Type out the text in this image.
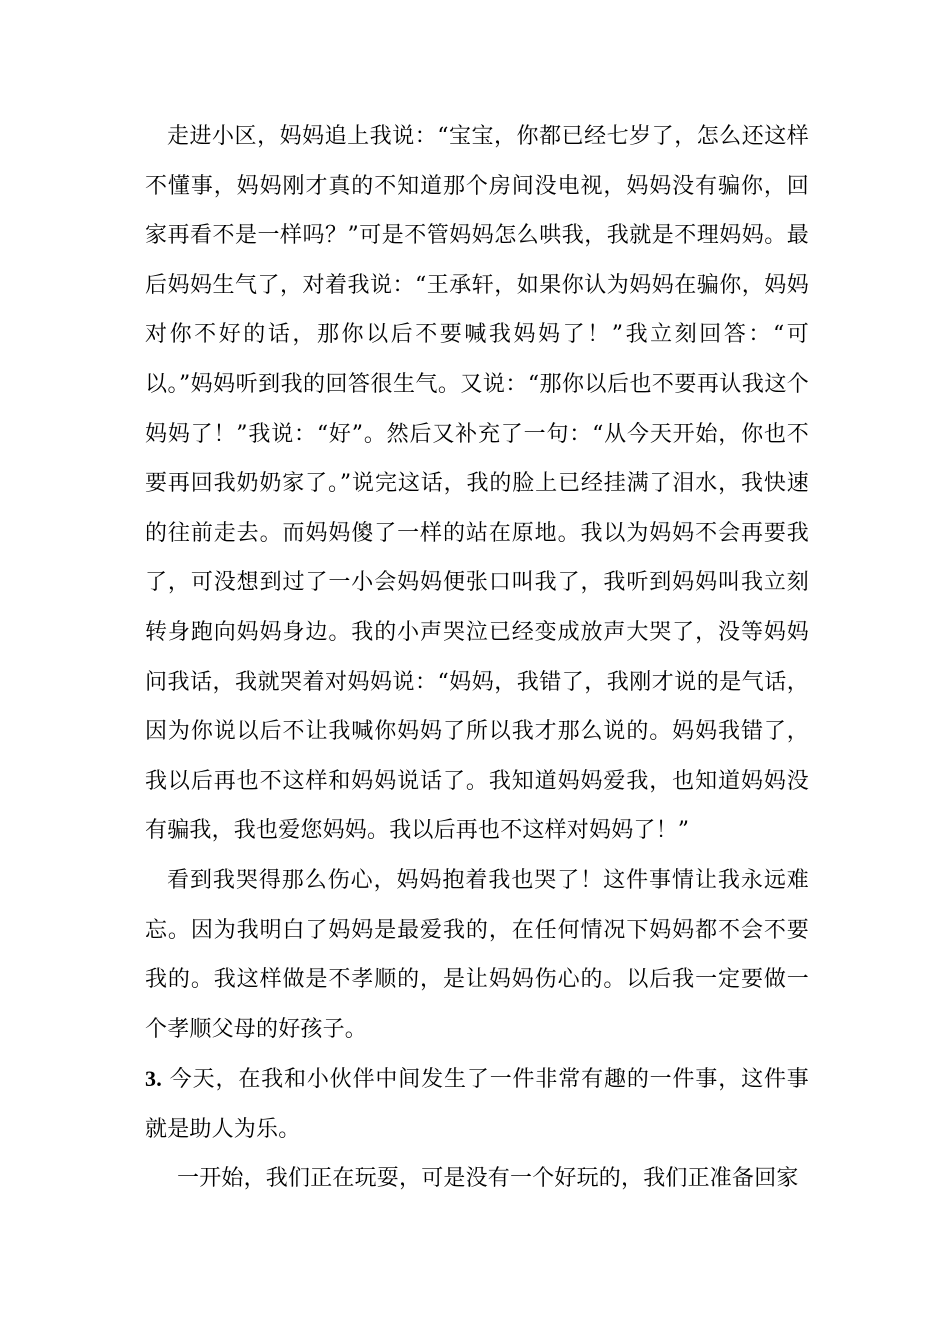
走进小区，妈妈追上我说：“宝宝，你都已经七岁了，怎么还这样不懂事，妈妈刚才真的不知道那个房间没电视，妈妈没有骗你，回家再看不是一样吗？”可是不管妈妈怎么哄我，我就是不理妈妈。最后妈妈生气了，对着我说：“王承轩，如果你认为妈妈在骗你，妈妈对你不好的话，那你以后不要喊我妈妈了！”我立刻回答：“可以。”妈妈听到我的回答很生气。又说：“那你以后也不要再认我这个妈妈了！”我说：“好”。然后又补充了一句：“从今天开始，你也不要再回我奶奶家了。”说完这话，我的脸上已经挂满了泪水，我快速的往前走去。而妈妈傻了一样的站在原地。我以为妈妈不会再要我了，可没想到过了一小会妈妈便张口叫我了，我听到妈妈叫我立刻转身跑向妈妈身边。我的小声哭泣已经变成放声大哭了，没等妈妈问我话，我就哭着对妈妈说：“妈妈，我错了，我刚才说的是气话，因为你说以后不让我喊你妈妈了所以我才那么说的。妈妈我错了，我以后再也不这样和妈妈说话了。我知道妈妈爱我，也知道妈妈没有骗我，我也爱您妈妈。我以后再也不这样对妈妈了！”

看到我哭得那么伤心，妈妈抱着我也哭了！这件事情让我永远难忘。因为我明白了妈妈是最爱我的，在任何情况下妈妈都不会不要我的。我这样做是不孝顺的，是让妈妈伤心的。以后我一定要做一个孝顺父母的好孩子。

3. 今天，在我和小伙伴中间发生了一件非常有趣的一件事，这件事就是助人为乐。

一开始，我们正在玩耍，可是没有一个好玩的，我们正准备回家
